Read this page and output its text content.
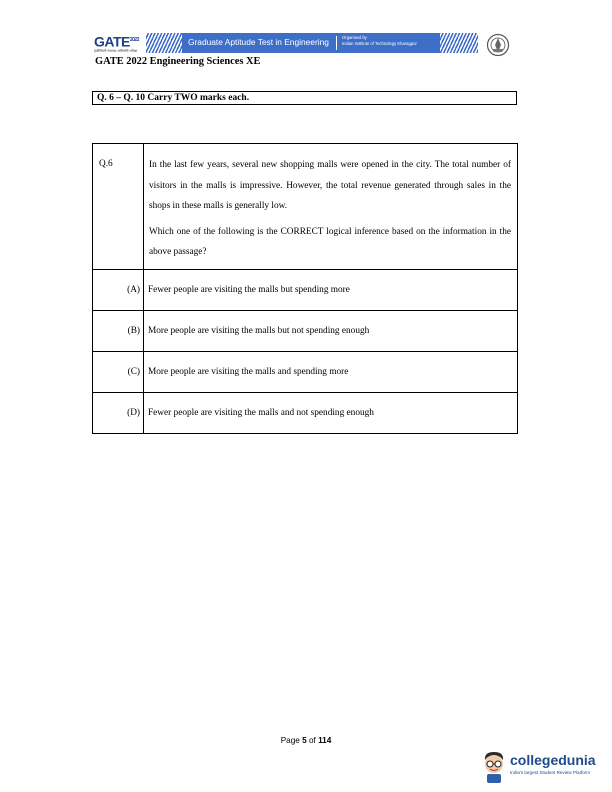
$GATE^{2022}$
इंजीनियरी स्नातक अभिरुचि परीक्षा
Graduate Aptitude Test in Engineering	Organised by
Indian Institute of Technology Kharagpur
GATE 2022 Engineering Sciences XE
Q. 6 – Q. 10 Carry TWO marks each.
Q.6	In the last few years, several new shopping malls were opened in the city. The total number of visitors in the malls is impressive. However, the total revenue generated through sales in the shops in these malls is generally low.

Which one of the following is the CORRECT logical inference based on the information in the above passage?

(A)	Fewer people are visiting the malls but spending more
(B)	More people are visiting the malls but not spending enough
(C)	More people are visiting the malls and spending more
(D)	Fewer people are visiting the malls and not spending enough
Page 5 of 114
collegedunia
India's largest Student Review Platform
